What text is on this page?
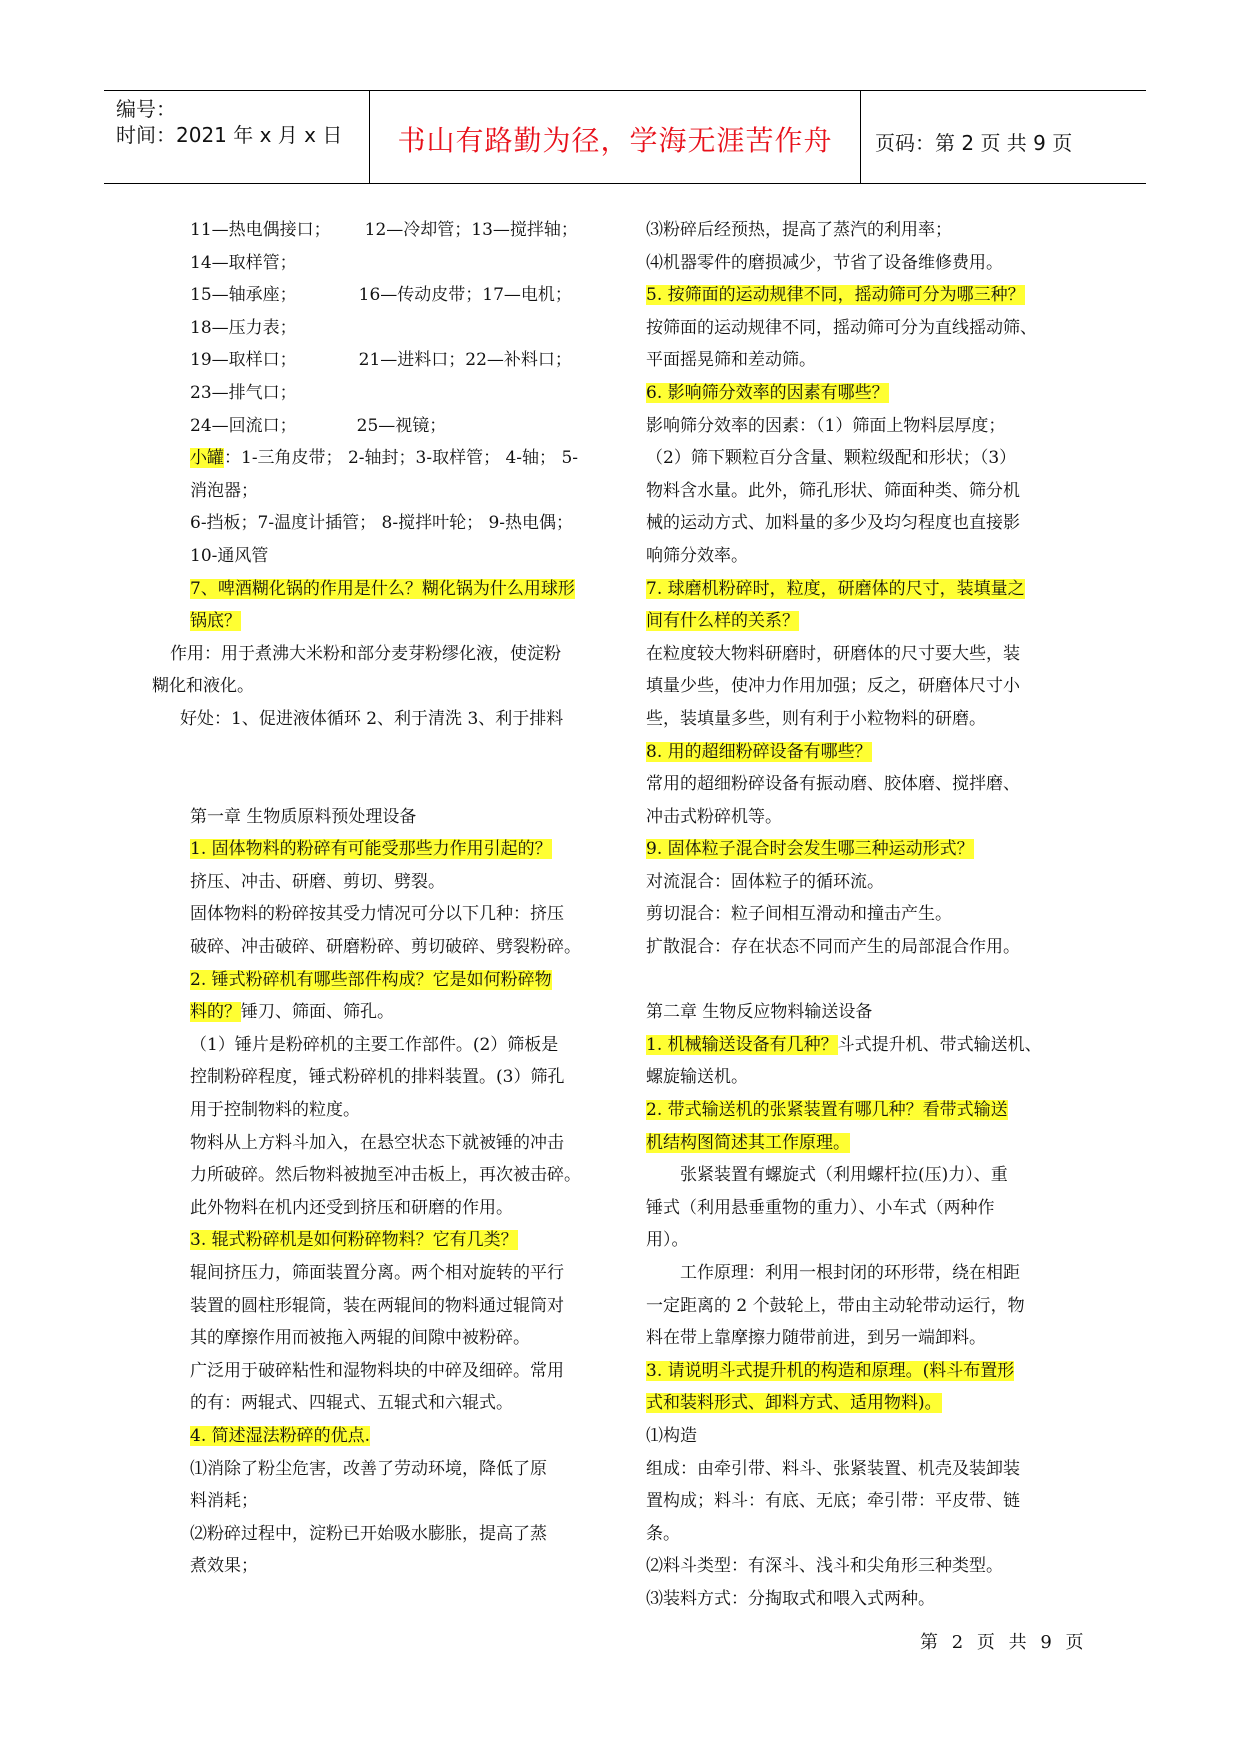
编号：
时间：2021 年 x 月 x 日	书山有路勤为径，学海无涯苦作舟	页码：第 2 页 共 9 页
11—热电偶接口； 12—冷却管；13—搅拌轴；
14—取样管；
15—轴承座；	16—传动皮带；17—电机；
18—压力表；
19—取样口；	21—进料口；22—补料口；
23—排气口；
24—回流口；	25—视镜；
小罐：1-三角皮带； 2-轴封；3-取样管； 4-轴； 5-
消泡器；
6-挡板；7-温度计插管； 8-搅拌叶轮； 9-热电偶；
10-通风管
7、啤酒糊化锅的作用是什么？糊化锅为什么用球形
锅底？
作用：用于煮沸大米粉和部分麦芽粉缪化液，使淀粉
糊化和液化。
好处：1、促进液体循环 2、利于清洗 3、利于排料
第一章 生物质原料预处理设备
1. 固体物料的粉碎有可能受那些力作用引起的？
挤压、冲击、研磨、剪切、劈裂。
固体物料的粉碎按其受力情况可分以下几种：挤压
破碎、冲击破碎、研磨粉碎、剪切破碎、劈裂粉碎。
2. 锤式粉碎机有哪些部件构成？它是如何粉碎物
料的？锤刀、筛面、筛孔。
（1）锤片是粉碎机的主要工作部件。(2）筛板是
控制粉碎程度，锤式粉碎机的排料装置。(3）筛孔
用于控制物料的粒度。
物料从上方料斗加入，在悬空状态下就被锤的冲击
力所破碎。然后物料被抛至冲击板上，再次被击碎。
此外物料在机内还受到挤压和研磨的作用。
3. 辊式粉碎机是如何粉碎物料？它有几类？
辊间挤压力，筛面装置分离。两个相对旋转的平行
装置的圆柱形辊筒，装在两辊间的物料通过辊筒对
其的摩擦作用而被拖入两辊的间隙中被粉碎。
广泛用于破碎粘性和湿物料块的中碎及细碎。常用
的有：两辊式、四辊式、五辊式和六辊式。
4. 简述湿法粉碎的优点.
⑴消除了粉尘危害，改善了劳动环境，降低了原
料消耗；
⑵粉碎过程中，淀粉已开始吸水膨胀，提高了蒸
煮效果；
⑶粉碎后经预热，提高了蒸汽的利用率；
⑷机器零件的磨损减少，节省了设备维修费用。
5. 按筛面的运动规律不同，摇动筛可分为哪三种？
按筛面的运动规律不同，摇动筛可分为直线摇动筛、
平面摇晃筛和差动筛。
6. 影响筛分效率的因素有哪些？
影响筛分效率的因素：（1）筛面上物料层厚度；
（2）筛下颗粒百分含量、颗粒级配和形状；（3）
物料含水量。此外，筛孔形状、筛面种类、筛分机
械的运动方式、加料量的多少及均匀程度也直接影
响筛分效率。
7. 球磨机粉碎时，粒度，研磨体的尺寸，装填量之
间有什么样的关系？
在粒度较大物料研磨时，研磨体的尺寸要大些，装
填量少些，使冲力作用加强；反之，研磨体尺寸小
些，装填量多些，则有利于小粒物料的研磨。
8. 用的超细粉碎设备有哪些？
常用的超细粉碎设备有振动磨、胶体磨、搅拌磨、
冲击式粉碎机等。
9. 固体粒子混合时会发生哪三种运动形式？
对流混合：固体粒子的循环流。
剪切混合：粒子间相互滑动和撞击产生。
扩散混合：存在状态不同而产生的局部混合作用。
第二章 生物反应物料输送设备
1. 机械输送设备有几种？斗式提升机、带式输送机、
螺旋输送机。
2. 带式输送机的张紧装置有哪几种？看带式输送
机结构图简述其工作原理。
张紧装置有螺旋式（利用螺杆拉(压)力）、重
锤式（利用悬垂重物的重力）、小车式（两种作
用）。
工作原理：利用一根封闭的环形带，绕在相距
一定距离的 2 个鼓轮上，带由主动轮带动运行，物
料在带上靠摩擦力随带前进，到另一端卸料。
3. 请说明斗式提升机的构造和原理。(料斗布置形
式和装料形式、卸料方式、适用物料)。
⑴构造
组成：由牵引带、料斗、张紧装置、机壳及装卸装
置构成；料斗：有底、无底；牵引带：平皮带、链
条。
⑵料斗类型：有深斗、浅斗和尖角形三种类型。
⑶装料方式：分掏取式和喂入式两种。
第 2 页 共 9 页
